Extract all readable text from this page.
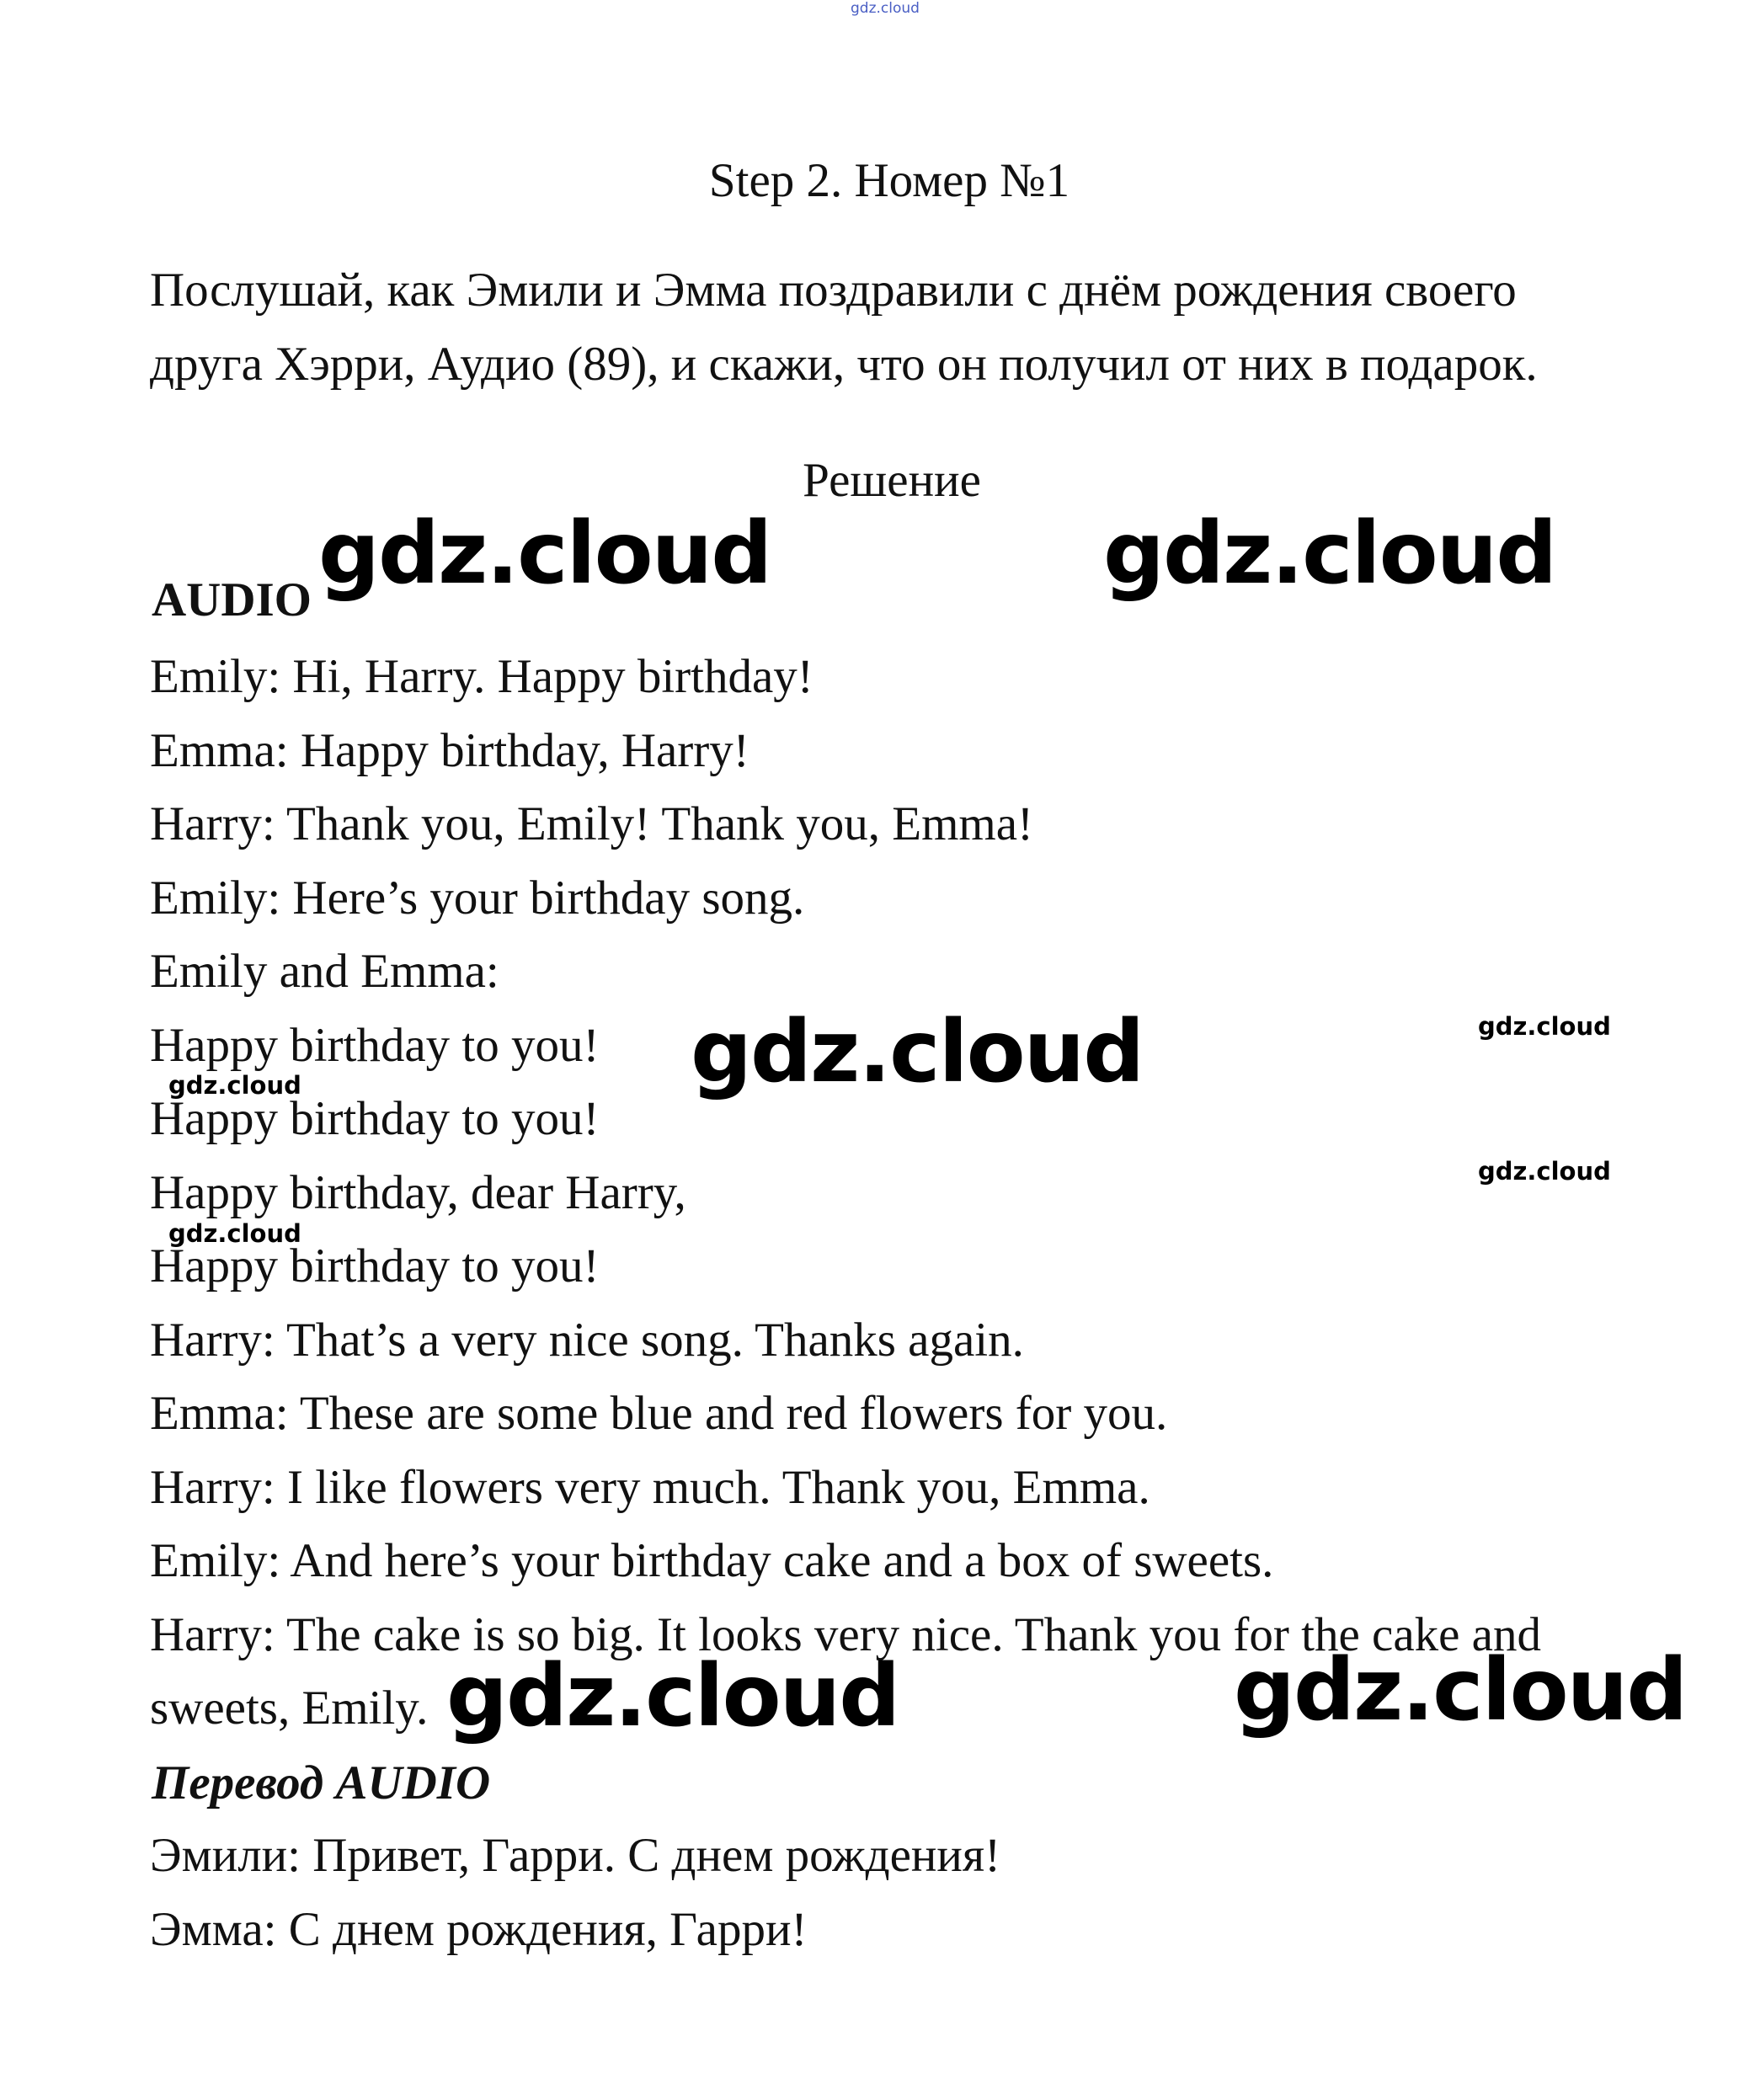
gdz.cloud
Step 2. Номер №1
Послушай, как Эмили и Эмма поздравили с днём рождения своего
друга Хэрри, Аудио (89), и скажи, что он получил от них в подарок.
Решение
AUDIO
Emily: Hi, Harry. Happy birthday!
Emma: Happy birthday, Harry!
Harry: Thank you, Emily! Thank you, Emma!
Emily: Here’s your birthday song.
Emily and Emma:
Happy birthday to you!
Happy birthday to you!
Happy birthday, dear Harry,
Happy birthday to you!
Harry: That’s a very nice song. Thanks again.
Emma: These are some blue and red flowers for you.
Harry: I like flowers very much. Thank you, Emma.
Emily: And here’s your birthday cake and a box of sweets.
Harry: The cake is so big. It looks very nice. Thank you for the cake and
sweets, Emily.
Перевод AUDIO
Эмили: Привет, Гарри. С днем рождения!
Эмма: С днем рождения, Гарри!
gdz.cloud	gdz.cloud
gdz.cloud
gdz.cloud	gdz.cloud
gdz.cloud
gdz.cloud
gdz.cloud
gdz.cloud
